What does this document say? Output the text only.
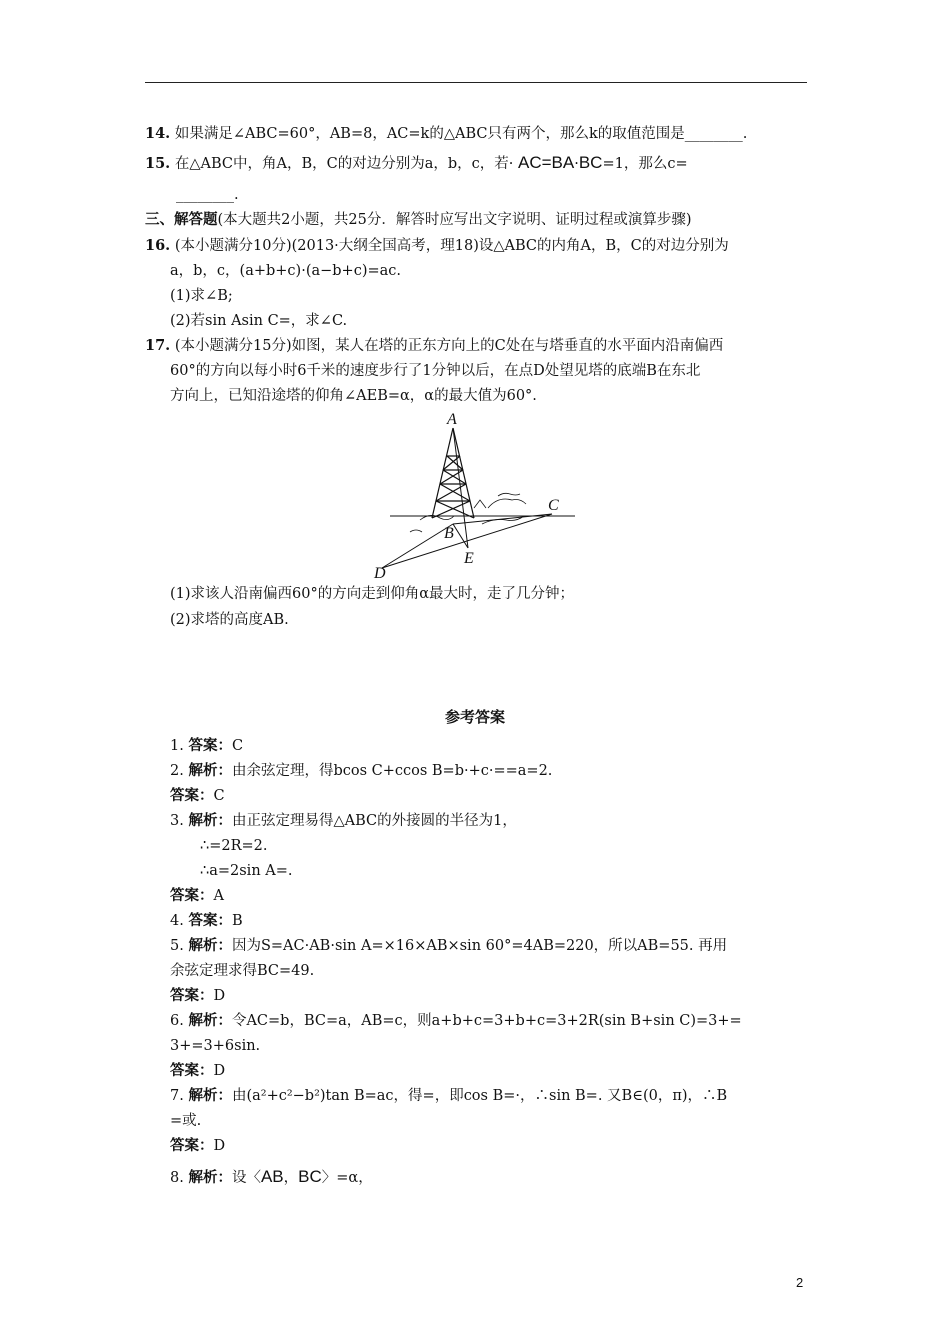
14. 如果满足∠ABC=60°，AB=8，AC=k的△ABC只有两个，那么k的取值范围是________.
15. 在△ABC中，角A，B，C的对边分别为a，b，c，若· AC=BA·BC=1，那么c=
________.
三、解答题(本大题共2小题，共25分．解答时应写出文字说明、证明过程或演算步骤)
16. (本小题满分10分)(2013·大纲全国高考，理18)设△ABC的内角A，B，C的对边分别为
a，b，c，(a+b+c)·(a−b+c)=ac.
(1)求∠B;
(2)若sin Asin C=，求∠C.
17. (本小题满分15分)如图，某人在塔的正东方向上的C处在与塔垂直的水平面内沿南偏西
60°的方向以每小时6千米的速度步行了1分钟以后，在点D处望见塔的底端B在东北
方向上，已知沿途塔的仰角∠AEB=α，α的最大值为60°.
A
B
C
D
E
(1)求该人沿南偏西60°的方向走到仰角α最大时，走了几分钟；
(2)求塔的高度AB.
参考答案
1. 答案：C
2. 解析：由余弦定理，得bcos C+ccos B=b·+c·==a=2.
答案：C
3. 解析：由正弦定理易得△ABC的外接圆的半径为1，
∴=2R=2.
∴a=2sin A=.
答案：A
4. 答案：B
5. 解析：因为S=AC·AB·sin A=×16×AB×sin 60°=4AB=220，所以AB=55. 再用
余弦定理求得BC=49.
答案：D
6. 解析：令AC=b，BC=a，AB=c，则a+b+c=3+b+c=3+2R(sin B+sin C)=3+=
3+=3+6sin.
答案：D
7. 解析：由(a²+c²−b²)tan B=ac，得=，即cos B=·，∴sin B=. 又B∈(0，π)，∴B
=或.
答案：D
8. 解析：设〈AB，BC〉=α，
2
